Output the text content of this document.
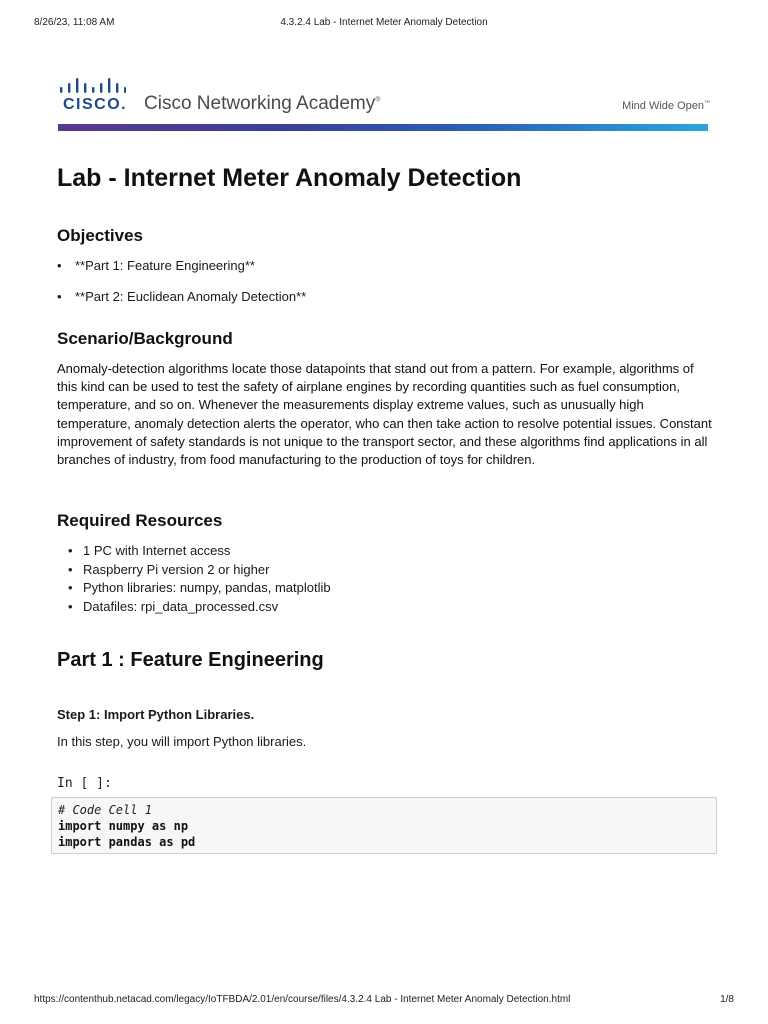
8/26/23, 11:08 AM	4.3.2.4 Lab - Internet Meter Anomaly Detection
CISCO. Cisco Networking Academy®	Mind Wide Open™
Lab - Internet Meter Anomaly Detection
Objectives
• **Part 1: Feature Engineering**
• **Part 2: Euclidean Anomaly Detection**
Scenario/Background

Anomaly-detection algorithms locate those datapoints that stand out from a pattern. For example, algorithms of this kind can be used to test the safety of airplane engines by recording quantities such as fuel consumption, temperature, and so on. Whenever the measurements display extreme values, such as unusually high temperature, anomaly detection alerts the operator, who can then take action to resolve potential issues. Constant improvement of safety standards is not unique to the transport sector, and these algorithms find applications in all branches of industry, from food manufacturing to the production of toys for children.

Required Resources
• 1 PC with Internet access
• Raspberry Pi version 2 or higher
• Python libraries: numpy, pandas, matplotlib
• Datafiles: rpi_data_processed.csv
Part 1 : Feature Engineering

Step 1: Import Python Libraries.

In this step, you will import Python libraries.

In [ ]:
# Code Cell 1
import numpy as np
import pandas as pd
https://contenthub.netacad.com/legacy/IoTFBDA/2.01/en/course/files/4.3.2.4 Lab - Internet Meter Anomaly Detection.html	1/8
